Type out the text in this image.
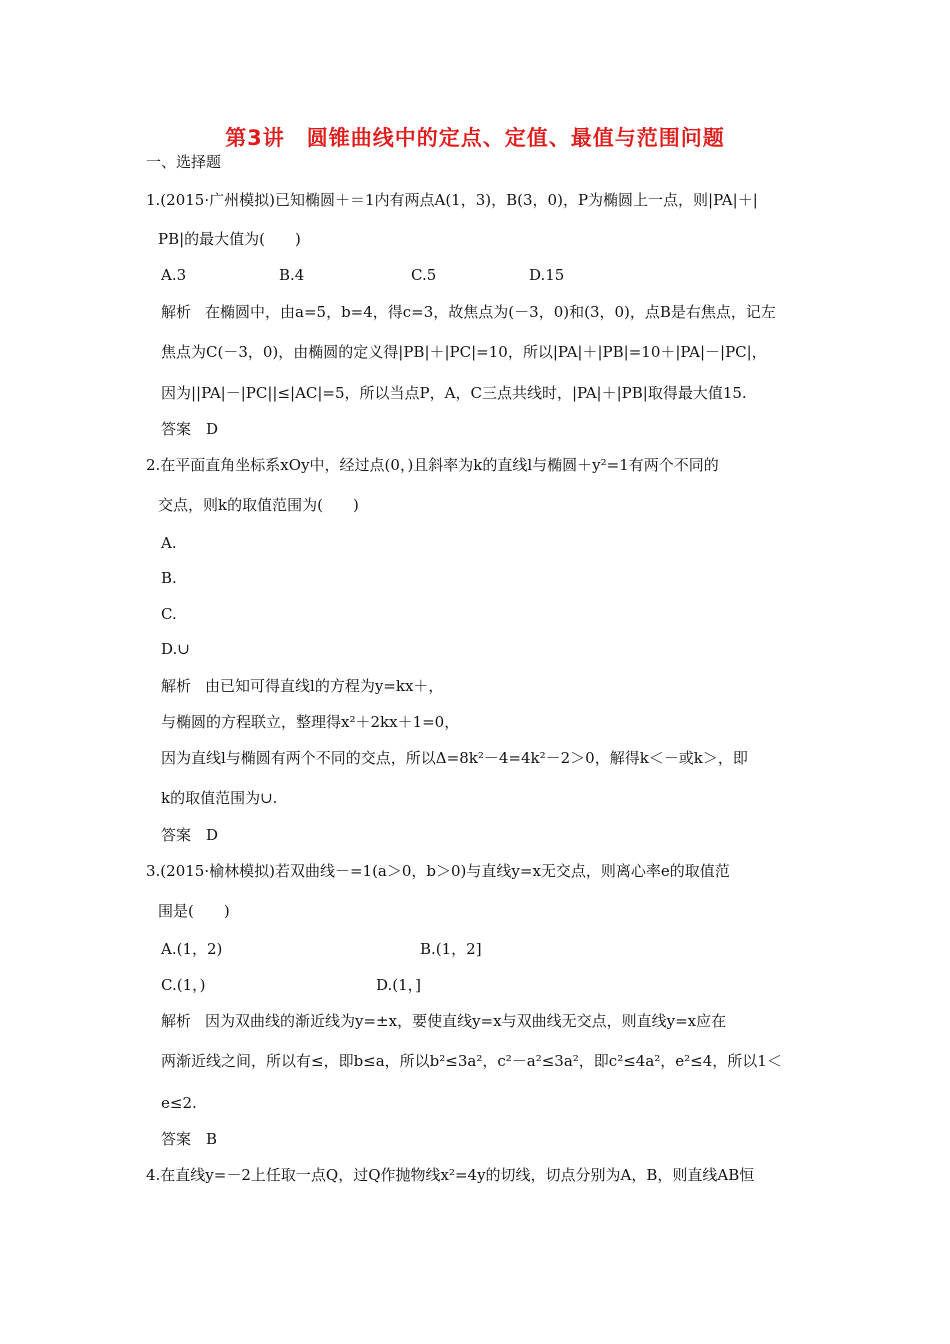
第3讲　圆锥曲线中的定点、定值、最值与范围问题
一、选择题
1.(2015·广州模拟)已知椭圆＋＝1内有两点A(1，3)，B(3，0)，P为椭圆上一点，则|PA|＋|
PB|的最大值为(　　)
A.3	B.4	C.5	D.15
解析 在椭圆中，由a=5，b=4，得c=3，故焦点为(－3，0)和(3，0)，点B是右焦点，记左
焦点为C(－3，0)，由椭圆的定义得|PB|＋|PC|=10，所以|PA|＋|PB|=10＋|PA|－|PC|，
因为||PA|－|PC||≤|AC|=5，所以当点P，A，C三点共线时，|PA|＋|PB|取得最大值15.
答案　D
2.在平面直角坐标系xOy中，经过点(0，)且斜率为k的直线l与椭圆＋y²=1有两个不同的
交点，则k的取值范围为(　　)
A.
B.
C.
D.∪
解析 由已知可得直线l的方程为y=kx＋，
与椭圆的方程联立，整理得x²＋2kx＋1=0，
因为直线l与椭圆有两个不同的交点，所以Δ=8k²－4=4k²－2＞0，解得k＜－或k＞，即
k的取值范围为∪.
答案　D
3.(2015·榆林模拟)若双曲线－=1(a＞0，b＞0)与直线y=x无交点，则离心率e的取值范
围是(　　)
A.(1，2)	B.(1，2]
C.(1，)	D.(1，]
解析 因为双曲线的渐近线为y=±x，要使直线y=x与双曲线无交点，则直线y=x应在
两渐近线之间，所以有≤，即b≤a，所以b²≤3a²，c²－a²≤3a²，即c²≤4a²，e²≤4，所以1＜
e≤2.
答案　B
4.在直线y=－2上任取一点Q，过Q作抛物线x²=4y的切线，切点分别为A，B，则直线AB恒
